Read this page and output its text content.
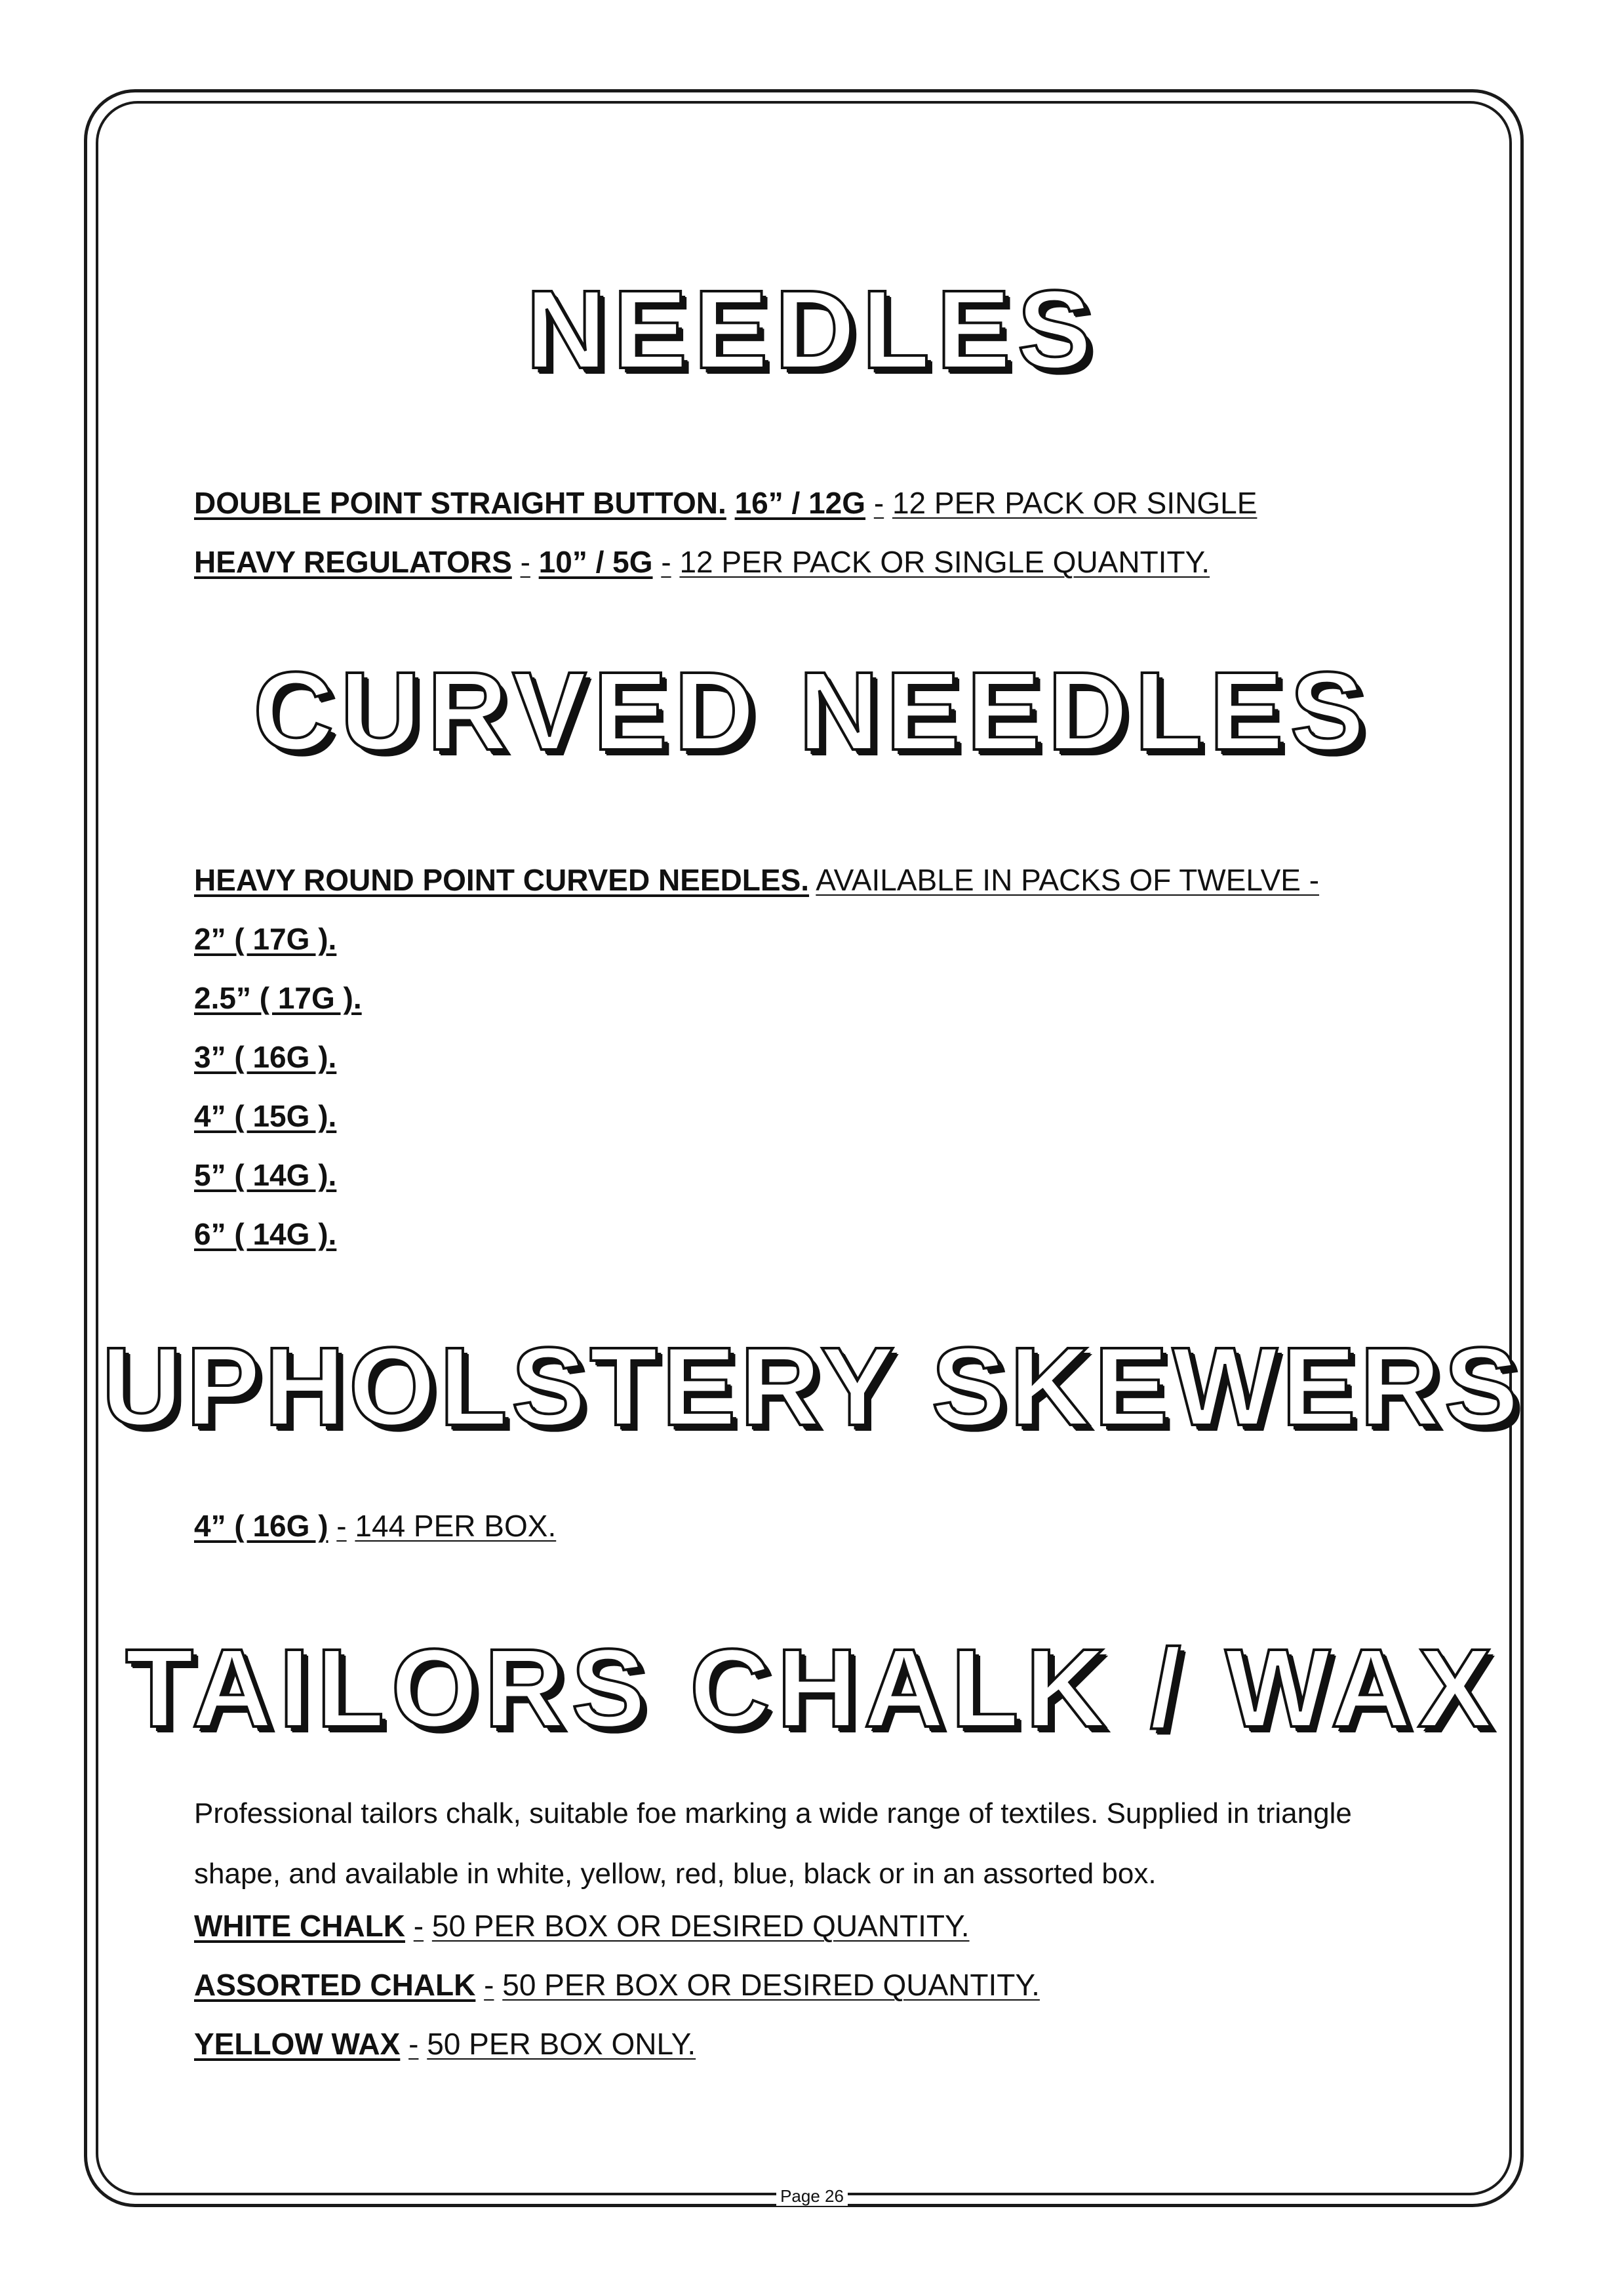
NEEDLES

DOUBLE POINT STRAIGHT BUTTON. 16” / 12G - 12 PER PACK OR SINGLE

HEAVY REGULATORS - 10” / 5G - 12 PER PACK OR SINGLE QUANTITY.

CURVED NEEDLES

HEAVY ROUND POINT CURVED NEEDLES. AVAILABLE IN PACKS OF TWELVE -

2” ( 17G ).

2.5” ( 17G ).

3” ( 16G ).

4” ( 15G ).

5” ( 14G ).

6” ( 14G ).

UPHOLSTERY SKEWERS

4” ( 16G ) - 144 PER BOX.

TAILORS CHALK / WAX

Professional tailors chalk, suitable foe marking a wide range of textiles. Supplied in triangle shape, and available in white, yellow, red, blue, black or in an assorted box.

WHITE CHALK - 50 PER BOX OR DESIRED QUANTITY.

ASSORTED CHALK - 50 PER BOX OR DESIRED QUANTITY.

YELLOW WAX - 50 PER BOX ONLY.

Page 26
